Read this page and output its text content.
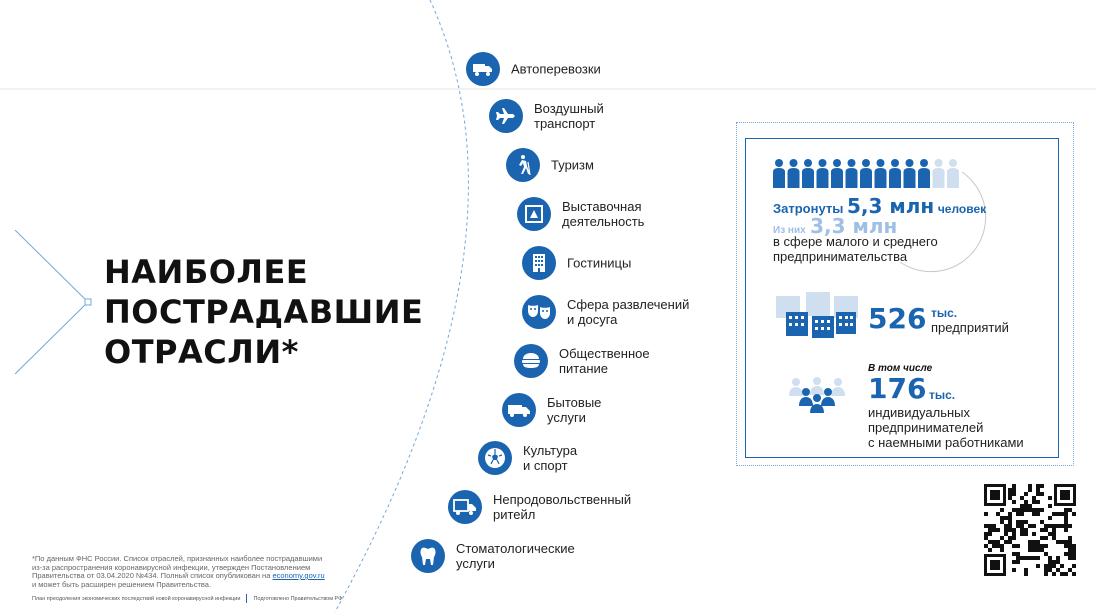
НАИБОЛЕЕ
ПОСТРАДАВШИЕ
ОТРАСЛИ*
Автоперевозки
Воздушный
транспорт
Туризм
Выставочная
деятельность
Гостиницы
Сфера развлечений
и досуга
Общественное
питание
Бытовые
услуги
Культура
и спорт
Непродовольственный
ритейл
Стоматологические
услуги
Затронуты 5,3 млн человек
Из них 3,3 млн
в сфере малого и среднего
предпринимательства
526 тыс.
предприятий
В том числе
176 тыс.
индивидуальных
предпринимателей
с наемными работниками
*По данным ФНС России. Список отраслей, признанных наиболее пострадавшими
из-за распространения коронавирусной инфекции, утвержден Постановлением
Правительства от 03.04.2020 №434. Полный список опубликован на economy.gov.ru
и может быть расширен решением Правительства.
План преодоления экономических последствий новой коронавирусной инфекции Подготовлено Правительством РФ
